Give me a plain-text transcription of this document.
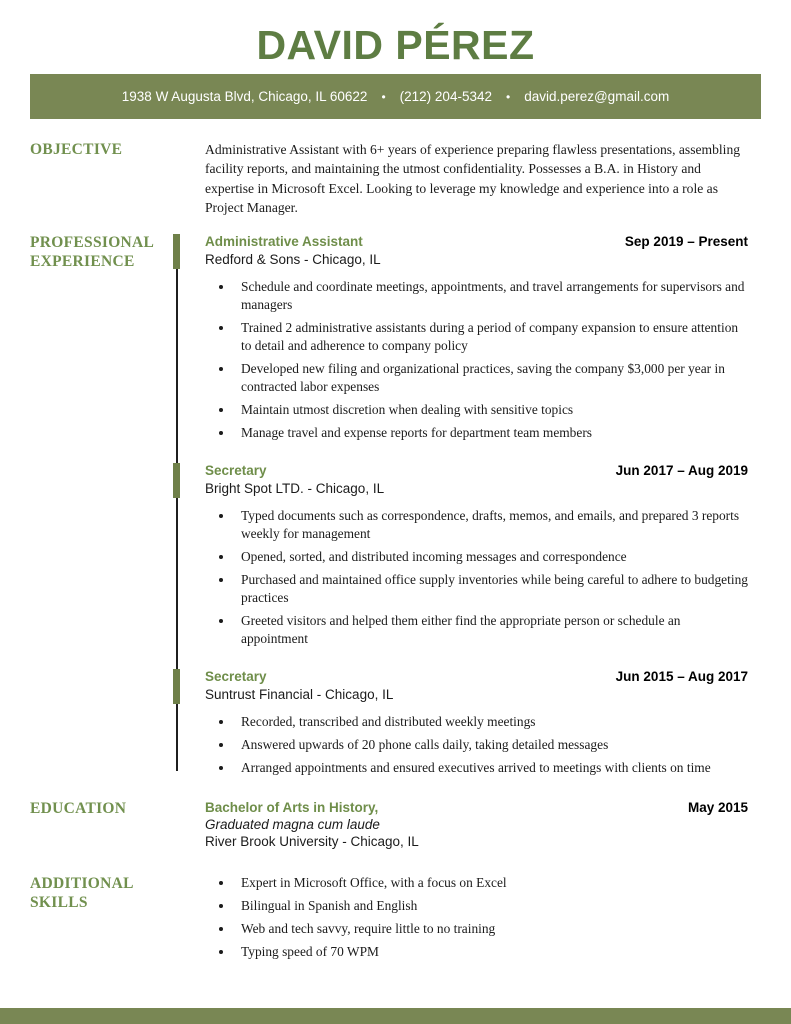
DAVID PÉREZ
1938 W Augusta Blvd, Chicago, IL 60622 • (212) 204-5342 • david.perez@gmail.com
OBJECTIVE	Administrative Assistant with 6+ years of experience preparing flawless presentations, assembling facility reports, and maintaining the utmost confidentiality. Possesses a B.A. in History and expertise in Microsoft Excel. Looking to leverage my knowledge and experience into a role as Project Manager.
PROFESSIONAL
EXPERIENCE
Administrative Assistant	Sep 2019 – Present
Redford & Sons - Chicago, IL
• Schedule and coordinate meetings, appointments, and travel arrangements for supervisors and managers
• Trained 2 administrative assistants during a period of company expansion to ensure attention to detail and adherence to company policy
• Developed new filing and organizational practices, saving the company $3,000 per year in contracted labor expenses
• Maintain utmost discretion when dealing with sensitive topics
• Manage travel and expense reports for department team members
Secretary	Jun 2017 – Aug 2019
Bright Spot LTD. - Chicago, IL
• Typed documents such as correspondence, drafts, memos, and emails, and prepared 3 reports weekly for management
• Opened, sorted, and distributed incoming messages and correspondence
• Purchased and maintained office supply inventories while being careful to adhere to budgeting practices
• Greeted visitors and helped them either find the appropriate person or schedule an appointment
Secretary	Jun 2015 – Aug 2017
Suntrust Financial - Chicago, IL
• Recorded, transcribed and distributed weekly meetings
• Answered upwards of 20 phone calls daily, taking detailed messages
• Arranged appointments and ensured executives arrived to meetings with clients on time
EDUCATION	Bachelor of Arts in History,	May 2015
Graduated magna cum laude
River Brook University - Chicago, IL
ADDITIONAL
SKILLS
• Expert in Microsoft Office, with a focus on Excel
• Bilingual in Spanish and English
• Web and tech savvy, require little to no training
• Typing speed of 70 WPM
